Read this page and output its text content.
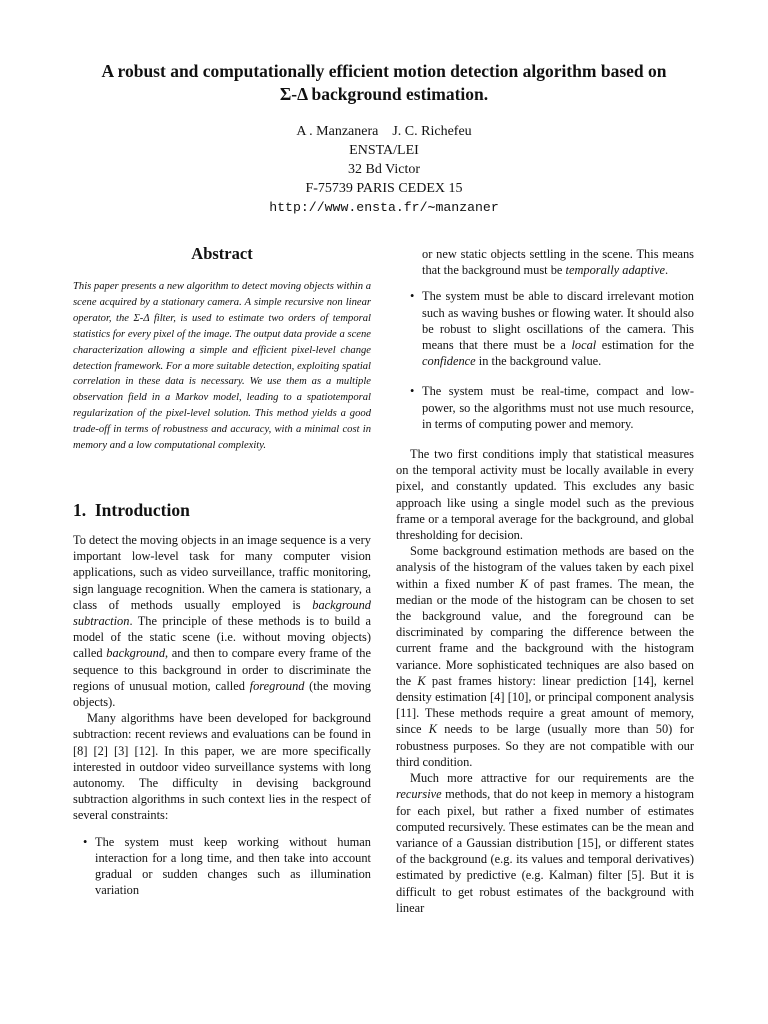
A robust and computationally efficient motion detection algorithm based on
Σ-Δ background estimation.
A . Manzanera    J. C. Richefeu
ENSTA/LEI
32 Bd Victor
F-75739 PARIS CEDEX 15
http://www.ensta.fr/∼manzaner
Abstract

This paper presents a new algorithm to detect moving objects within a scene acquired by a stationary camera. A simple recursive non linear operator, the Σ-Δ filter, is used to estimate two orders of temporal statistics for every pixel of the image. The output data provide a scene characterization allowing a simple and efficient pixel-level change detection framework. For a more suitable detection, exploiting spatial correlation in these data is necessary. We use them as a multiple observation field in a Markov model, leading to a spatiotemporal regularization of the pixel-level solution. This method yields a good trade-off in terms of robustness and accuracy, with a minimal cost in memory and a low computational complexity.

1.  Introduction

To detect the moving objects in an image sequence is a very important low-level task for many computer vision applications, such as video surveillance, traffic monitoring, sign language recognition. When the camera is stationary, a class of methods usually employed is background subtraction. The principle of these methods is to build a model of the static scene (i.e. without moving objects) called background, and then to compare every frame of the sequence to this background in order to discriminate the regions of unusual motion, called foreground (the moving objects).

Many algorithms have been developed for background subtraction: recent reviews and evaluations can be found in [8] [2] [3] [12]. In this paper, we are more specifically interested in outdoor video surveillance systems with long autonomy. The difficulty in devising background subtraction algorithms in such context lies in the respect of several constraints:

• The system must keep working without human interaction for a long time, and then take into account gradual or sudden changes such as illumination variation

or new static objects settling in the scene. This means that the background must be temporally adaptive.

• The system must be able to discard irrelevant motion such as waving bushes or flowing water. It should also be robust to slight oscillations of the camera. This means that there must be a local estimation for the confidence in the background value.
• The system must be real-time, compact and low-power, so the algorithms must not use much resource, in terms of computing power and memory.

The two first conditions imply that statistical measures on the temporal activity must be locally available in every pixel, and constantly updated. This excludes any basic approach like using a single model such as the previous frame or a temporal average for the background, and global thresholding for decision.

Some background estimation methods are based on the analysis of the histogram of the values taken by each pixel within a fixed number K of past frames. The mean, the median or the mode of the histogram can be chosen to set the background value, and the foreground can be discriminated by comparing the difference between the current frame and the background with the histogram variance. More sophisticated techniques are also based on the K past frames history: linear prediction [14], kernel density estimation [4] [10], or principal component analysis [11]. These methods require a great amount of memory, since K needs to be large (usually more than 50) for robustness purposes. So they are not compatible with our third condition.

Much more attractive for our requirements are the recursive methods, that do not keep in memory a histogram for each pixel, but rather a fixed number of estimates computed recursively. These estimates can be the mean and variance of a Gaussian distribution [15], or different states of the background (e.g. its values and temporal derivatives) estimated by predictive (e.g. Kalman) filter [5]. But it is difficult to get robust estimates of the background with linear
